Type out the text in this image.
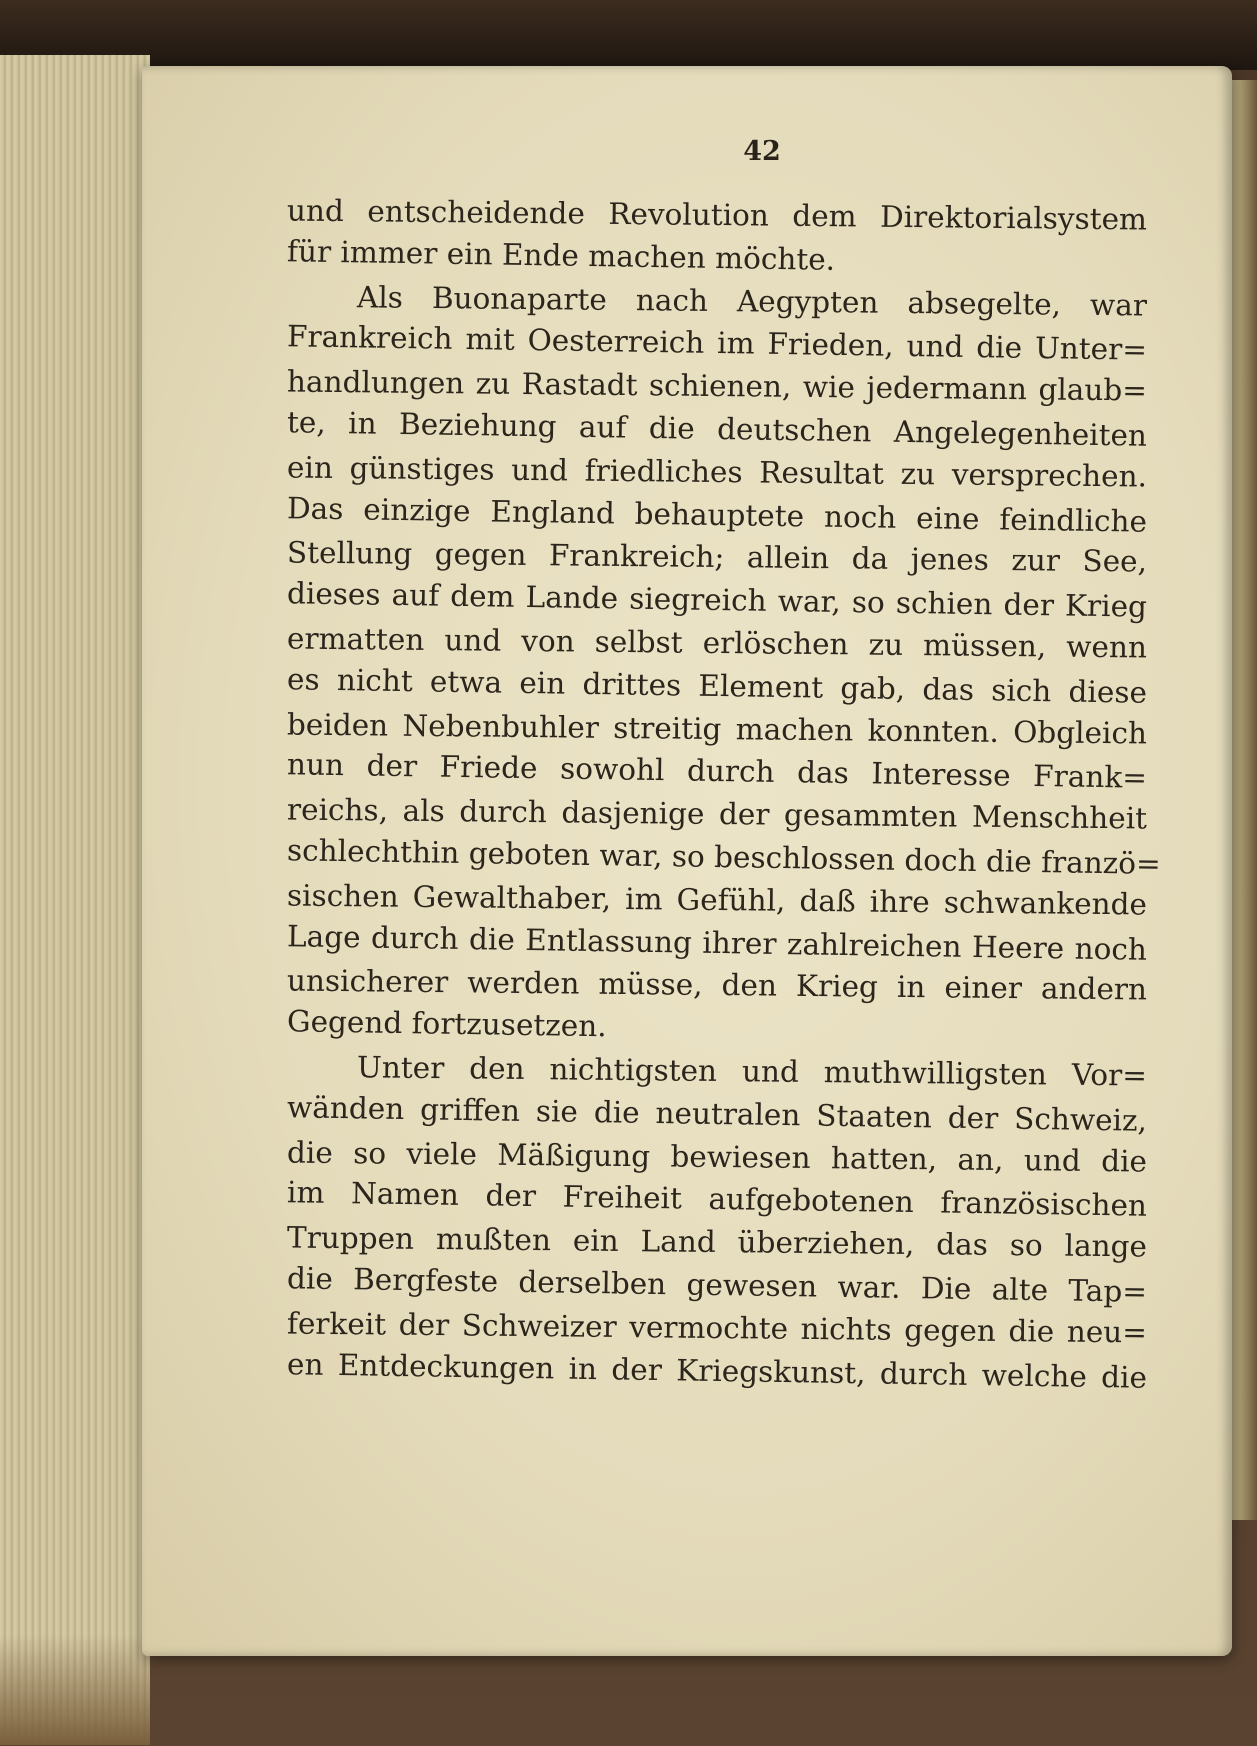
42
und entscheidende Revolution dem Direktorialsystem
für immer ein Ende machen möchte.
Als Buonaparte nach Aegypten absegelte, war
Frankreich mit Oesterreich im Frieden, und die Unter=
handlungen zu Rastadt schienen, wie jedermann glaub=
te, in Beziehung auf die deutschen Angelegenheiten
ein günstiges und friedliches Resultat zu versprechen.
Das einzige England behauptete noch eine feindliche
Stellung gegen Frankreich; allein da jenes zur See,
dieses auf dem Lande siegreich war, so schien der Krieg
ermatten und von selbst erlöschen zu müssen, wenn
es nicht etwa ein drittes Element gab, das sich diese
beiden Nebenbuhler streitig machen konnten. Obgleich
nun der Friede sowohl durch das Interesse Frank=
reichs, als durch dasjenige der gesammten Menschheit
schlechthin geboten war, so beschlossen doch die franzö=
sischen Gewalthaber, im Gefühl, daß ihre schwankende
Lage durch die Entlassung ihrer zahlreichen Heere noch
unsicherer werden müsse, den Krieg in einer andern
Gegend fortzusetzen.
Unter den nichtigsten und muthwilligsten Vor=
wänden griffen sie die neutralen Staaten der Schweiz,
die so viele Mäßigung bewiesen hatten, an, und die
im Namen der Freiheit aufgebotenen französischen
Truppen mußten ein Land überziehen, das so lange
die Bergfeste derselben gewesen war. Die alte Tap=
ferkeit der Schweizer vermochte nichts gegen die neu=
en Entdeckungen in der Kriegskunst, durch welche die
